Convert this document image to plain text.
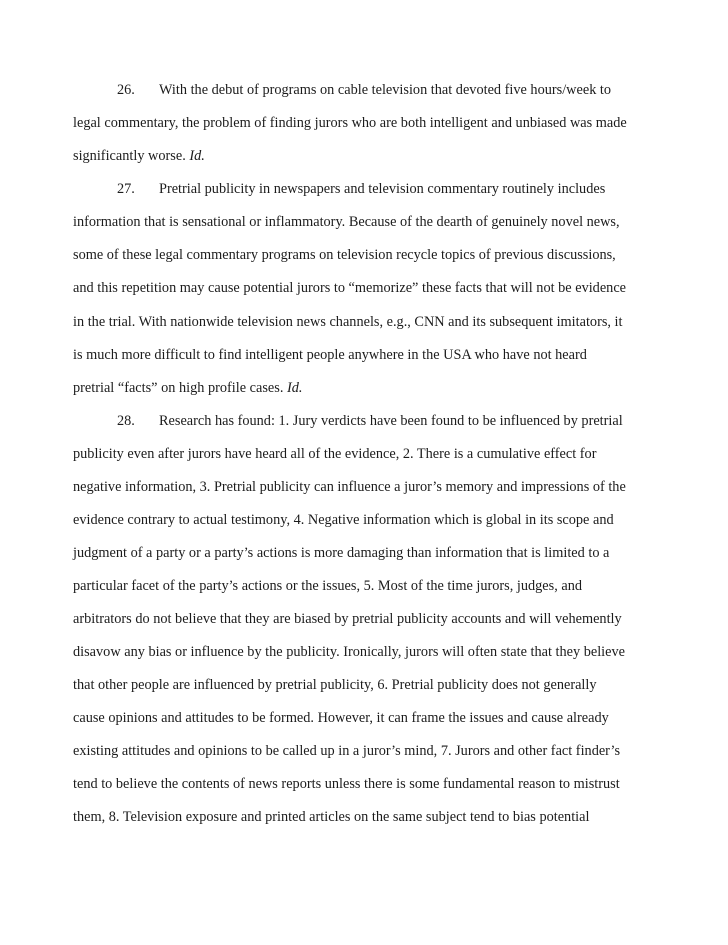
26. With the debut of programs on cable television that devoted five hours/week to

legal commentary, the problem of finding jurors who are both intelligent and unbiased was made

significantly worse. Id.

27. Pretrial publicity in newspapers and television commentary routinely includes

information that is sensational or inflammatory. Because of the dearth of genuinely novel news,

some of these legal commentary programs on television recycle topics of previous discussions,

and this repetition may cause potential jurors to “memorize” these facts that will not be evidence

in the trial. With nationwide television news channels, e.g., CNN and its subsequent imitators, it

is much more difficult to find intelligent people anywhere in the USA who have not heard

pretrial “facts” on high profile cases. Id.

28. Research has found: 1. Jury verdicts have been found to be influenced by pretrial

publicity even after jurors have heard all of the evidence, 2. There is a cumulative effect for

negative information, 3. Pretrial publicity can influence a juror’s memory and impressions of the

evidence contrary to actual testimony, 4. Negative information which is global in its scope and

judgment of a party or a party’s actions is more damaging than information that is limited to a

particular facet of the party’s actions or the issues, 5. Most of the time jurors, judges, and

arbitrators do not believe that they are biased by pretrial publicity accounts and will vehemently

disavow any bias or influence by the publicity. Ironically, jurors will often state that they believe

that other people are influenced by pretrial publicity, 6. Pretrial publicity does not generally

cause opinions and attitudes to be formed. However, it can frame the issues and cause already

existing attitudes and opinions to be called up in a juror’s mind, 7. Jurors and other fact finder’s

tend to believe the contents of news reports unless there is some fundamental reason to mistrust

them, 8. Television exposure and printed articles on the same subject tend to bias potential
